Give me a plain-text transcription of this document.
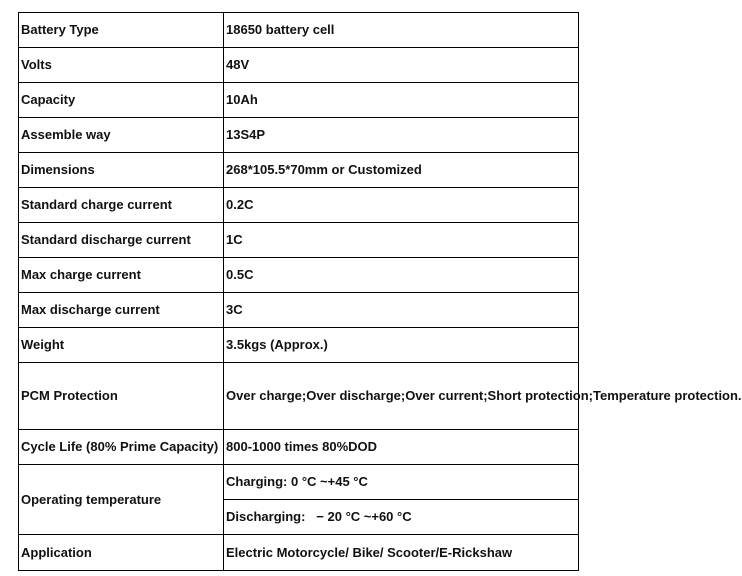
Battery Type	18650 battery cell
Volts	48V
Capacity	10Ah
Assemble way	13S4P
Dimensions	268*105.5*70mm or Customized
Standard charge current	0.2C
Standard discharge current	1C
Max charge current	0.5C
Max discharge current	3C
Weight	3.5kgs (Approx.)
PCM Protection	Over charge;Over discharge;Over current;Short protection;Temperature protection.
Cycle Life (80% Prime Capacity)	800-1000 times 80%DOD
Operating temperature	Charging: 0 °C ~+45 °C
	Discharging:   − 20 °C ~+60 °C
Application	Electric Motorcycle/ Bike/ Scooter/E-Rickshaw
